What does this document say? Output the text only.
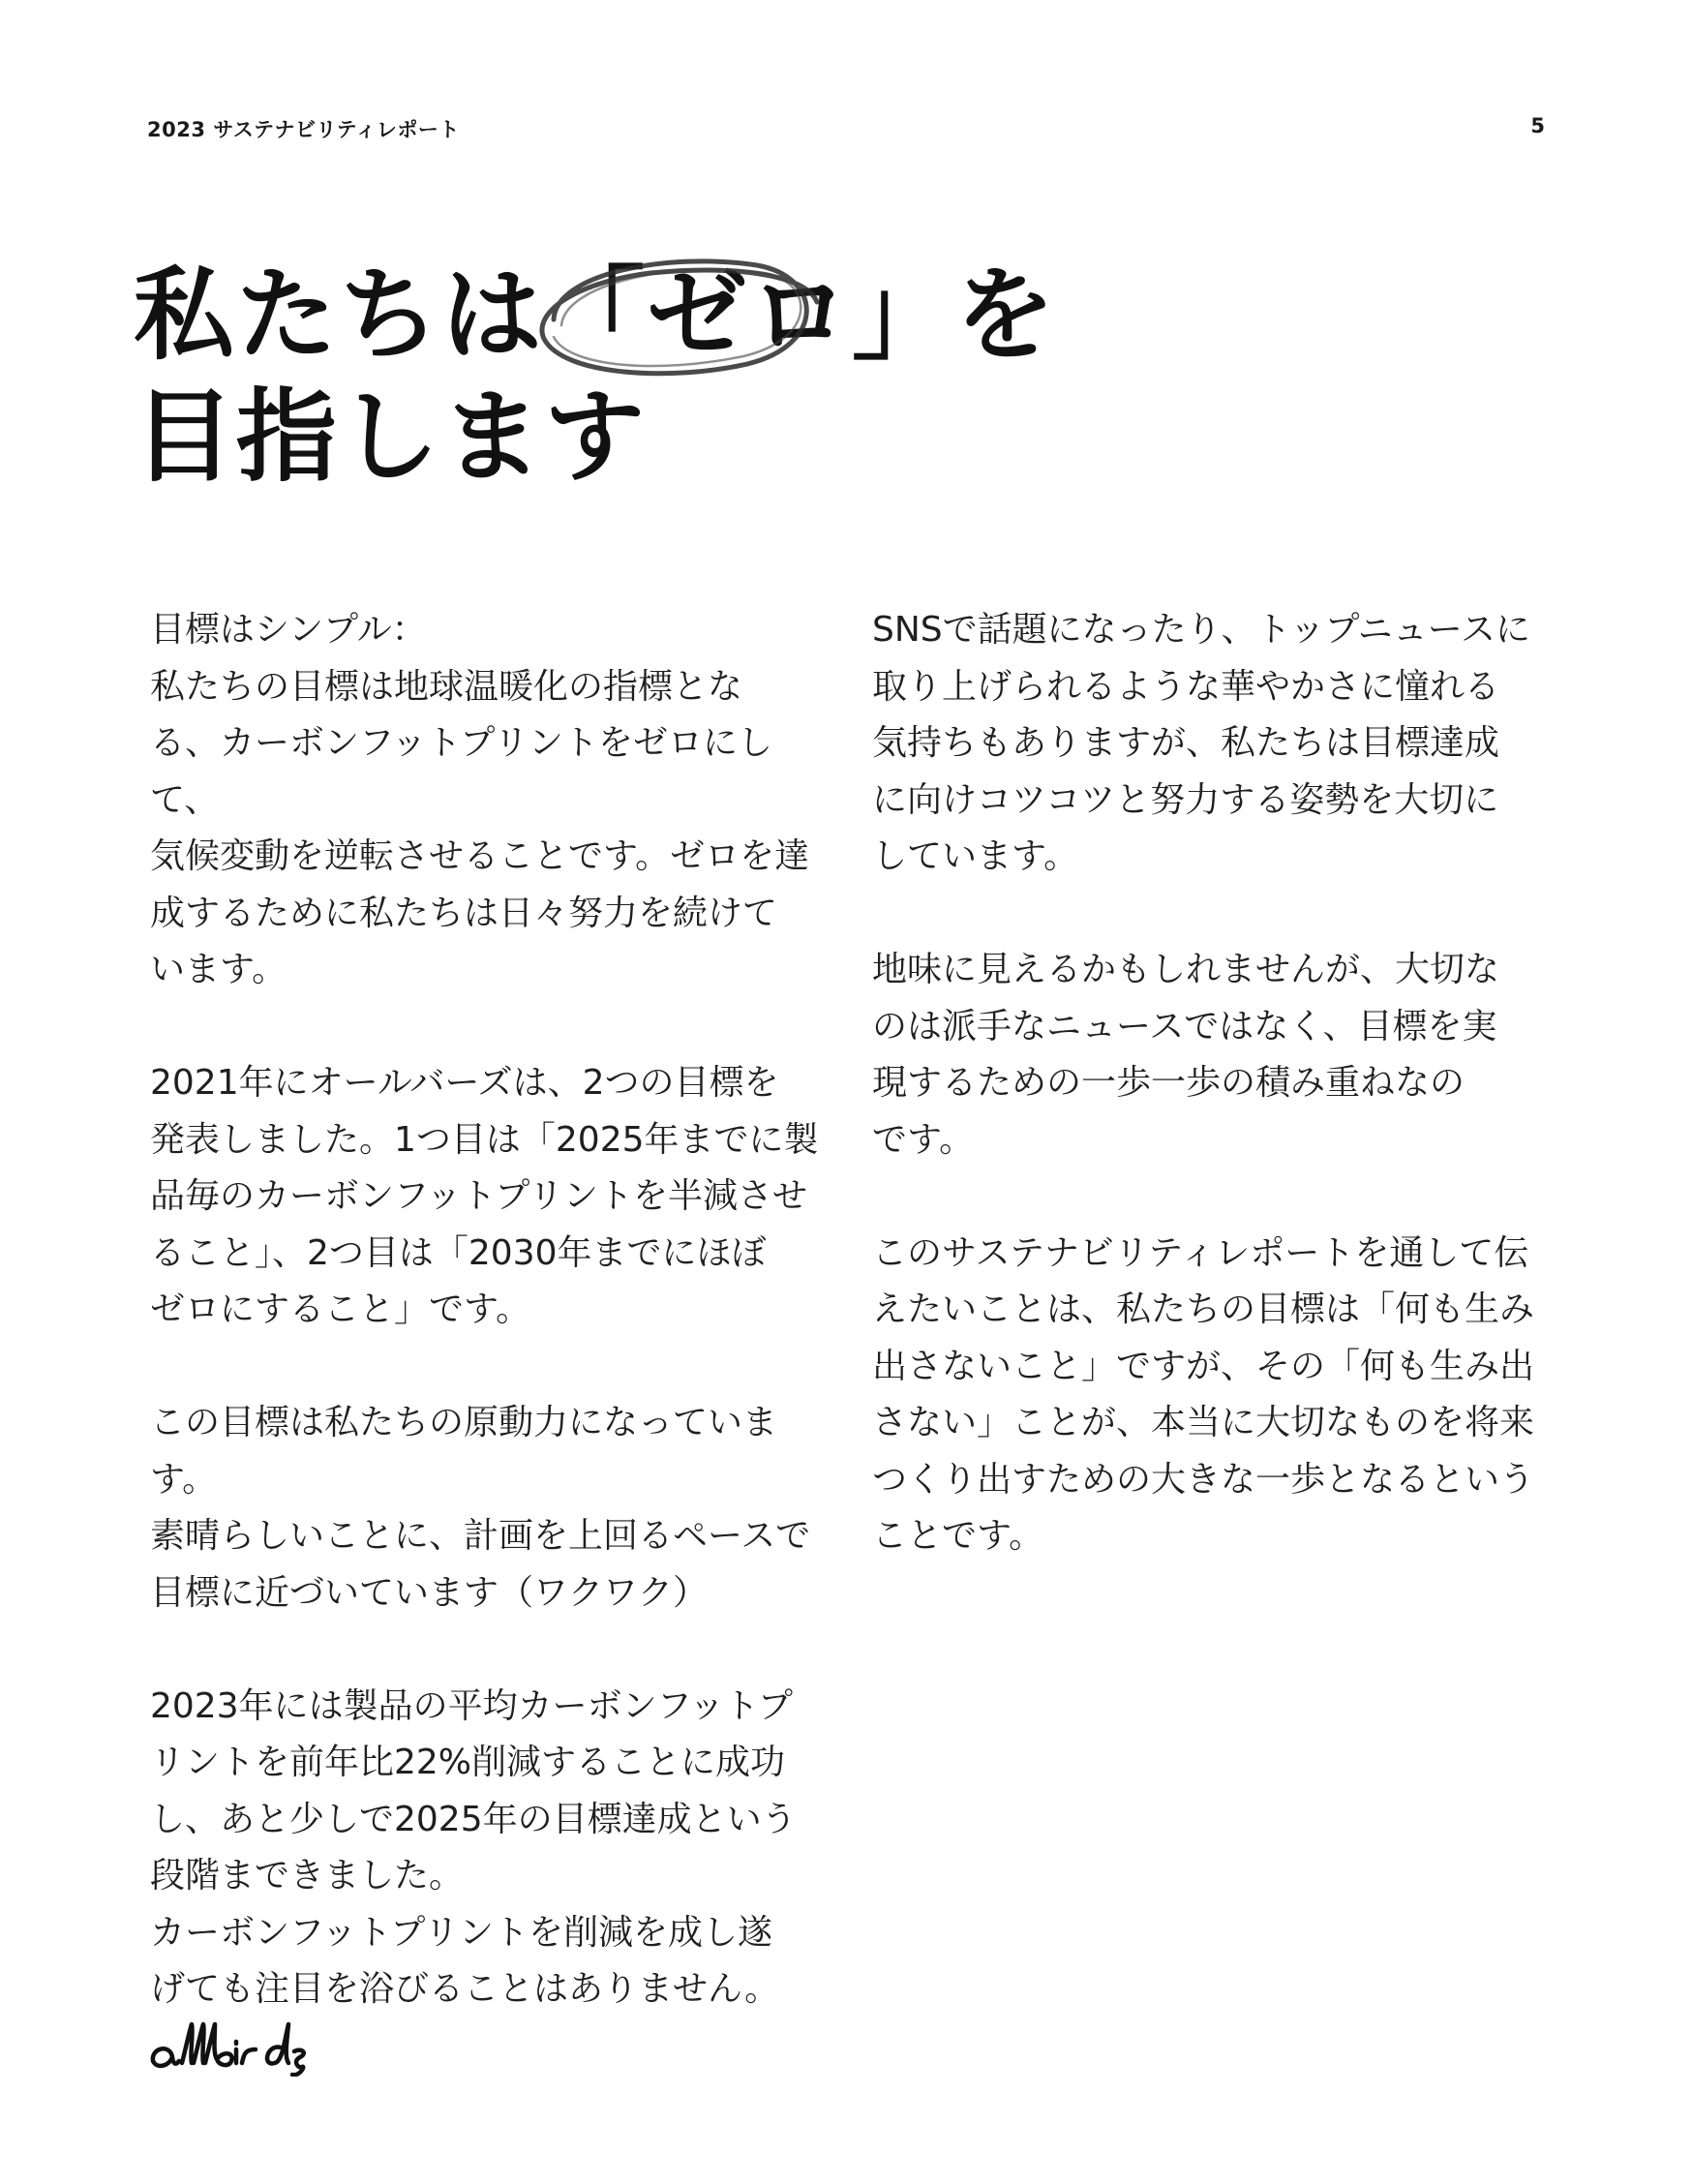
2023 サステナビリティレポート	5
私たちは「ゼロ」
を
目指します

目標はシンプル：
私たちの目標は地球温暖化の指標とな
る、カーボンフットプリントをゼロにして、
気候変動を逆転させることです。ゼロを達
成するために私たちは日々努力を続けて
います。

2021年にオールバーズは、2つの目標を
発表しました。1つ目は「2025年までに製
品毎のカーボンフットプリントを半減させ
ること」、2つ目は「2030年までにほぼ
ゼロにすること」です。

この目標は私たちの原動力になっています。
素晴らしいことに、計画を上回るペースで
目標に近づいています（ワクワク）

2023年には製品の平均カーボンフットプ
リントを前年比22%削減することに成功
し、あと少しで2025年の目標達成という
段階まできました。
カーボンフットプリントを削減を成し遂
げても注目を浴びることはありません。

SNSで話題になったり、トップニュースに
取り上げられるような華やかさに憧れる
気持ちもありますが、私たちは目標達成
に向けコツコツと努力する姿勢を大切に
しています。

地味に見えるかもしれませんが、大切な
のは派手なニュースではなく、目標を実
現するための一歩一歩の積み重ねなの
です。

このサステナビリティレポートを通して伝
えたいことは、私たちの目標は「何も生み
出さないこと」ですが、その「何も生み出
さない」ことが、本当に大切なものを将来
つくり出すための大きな一歩となるという
ことです。
